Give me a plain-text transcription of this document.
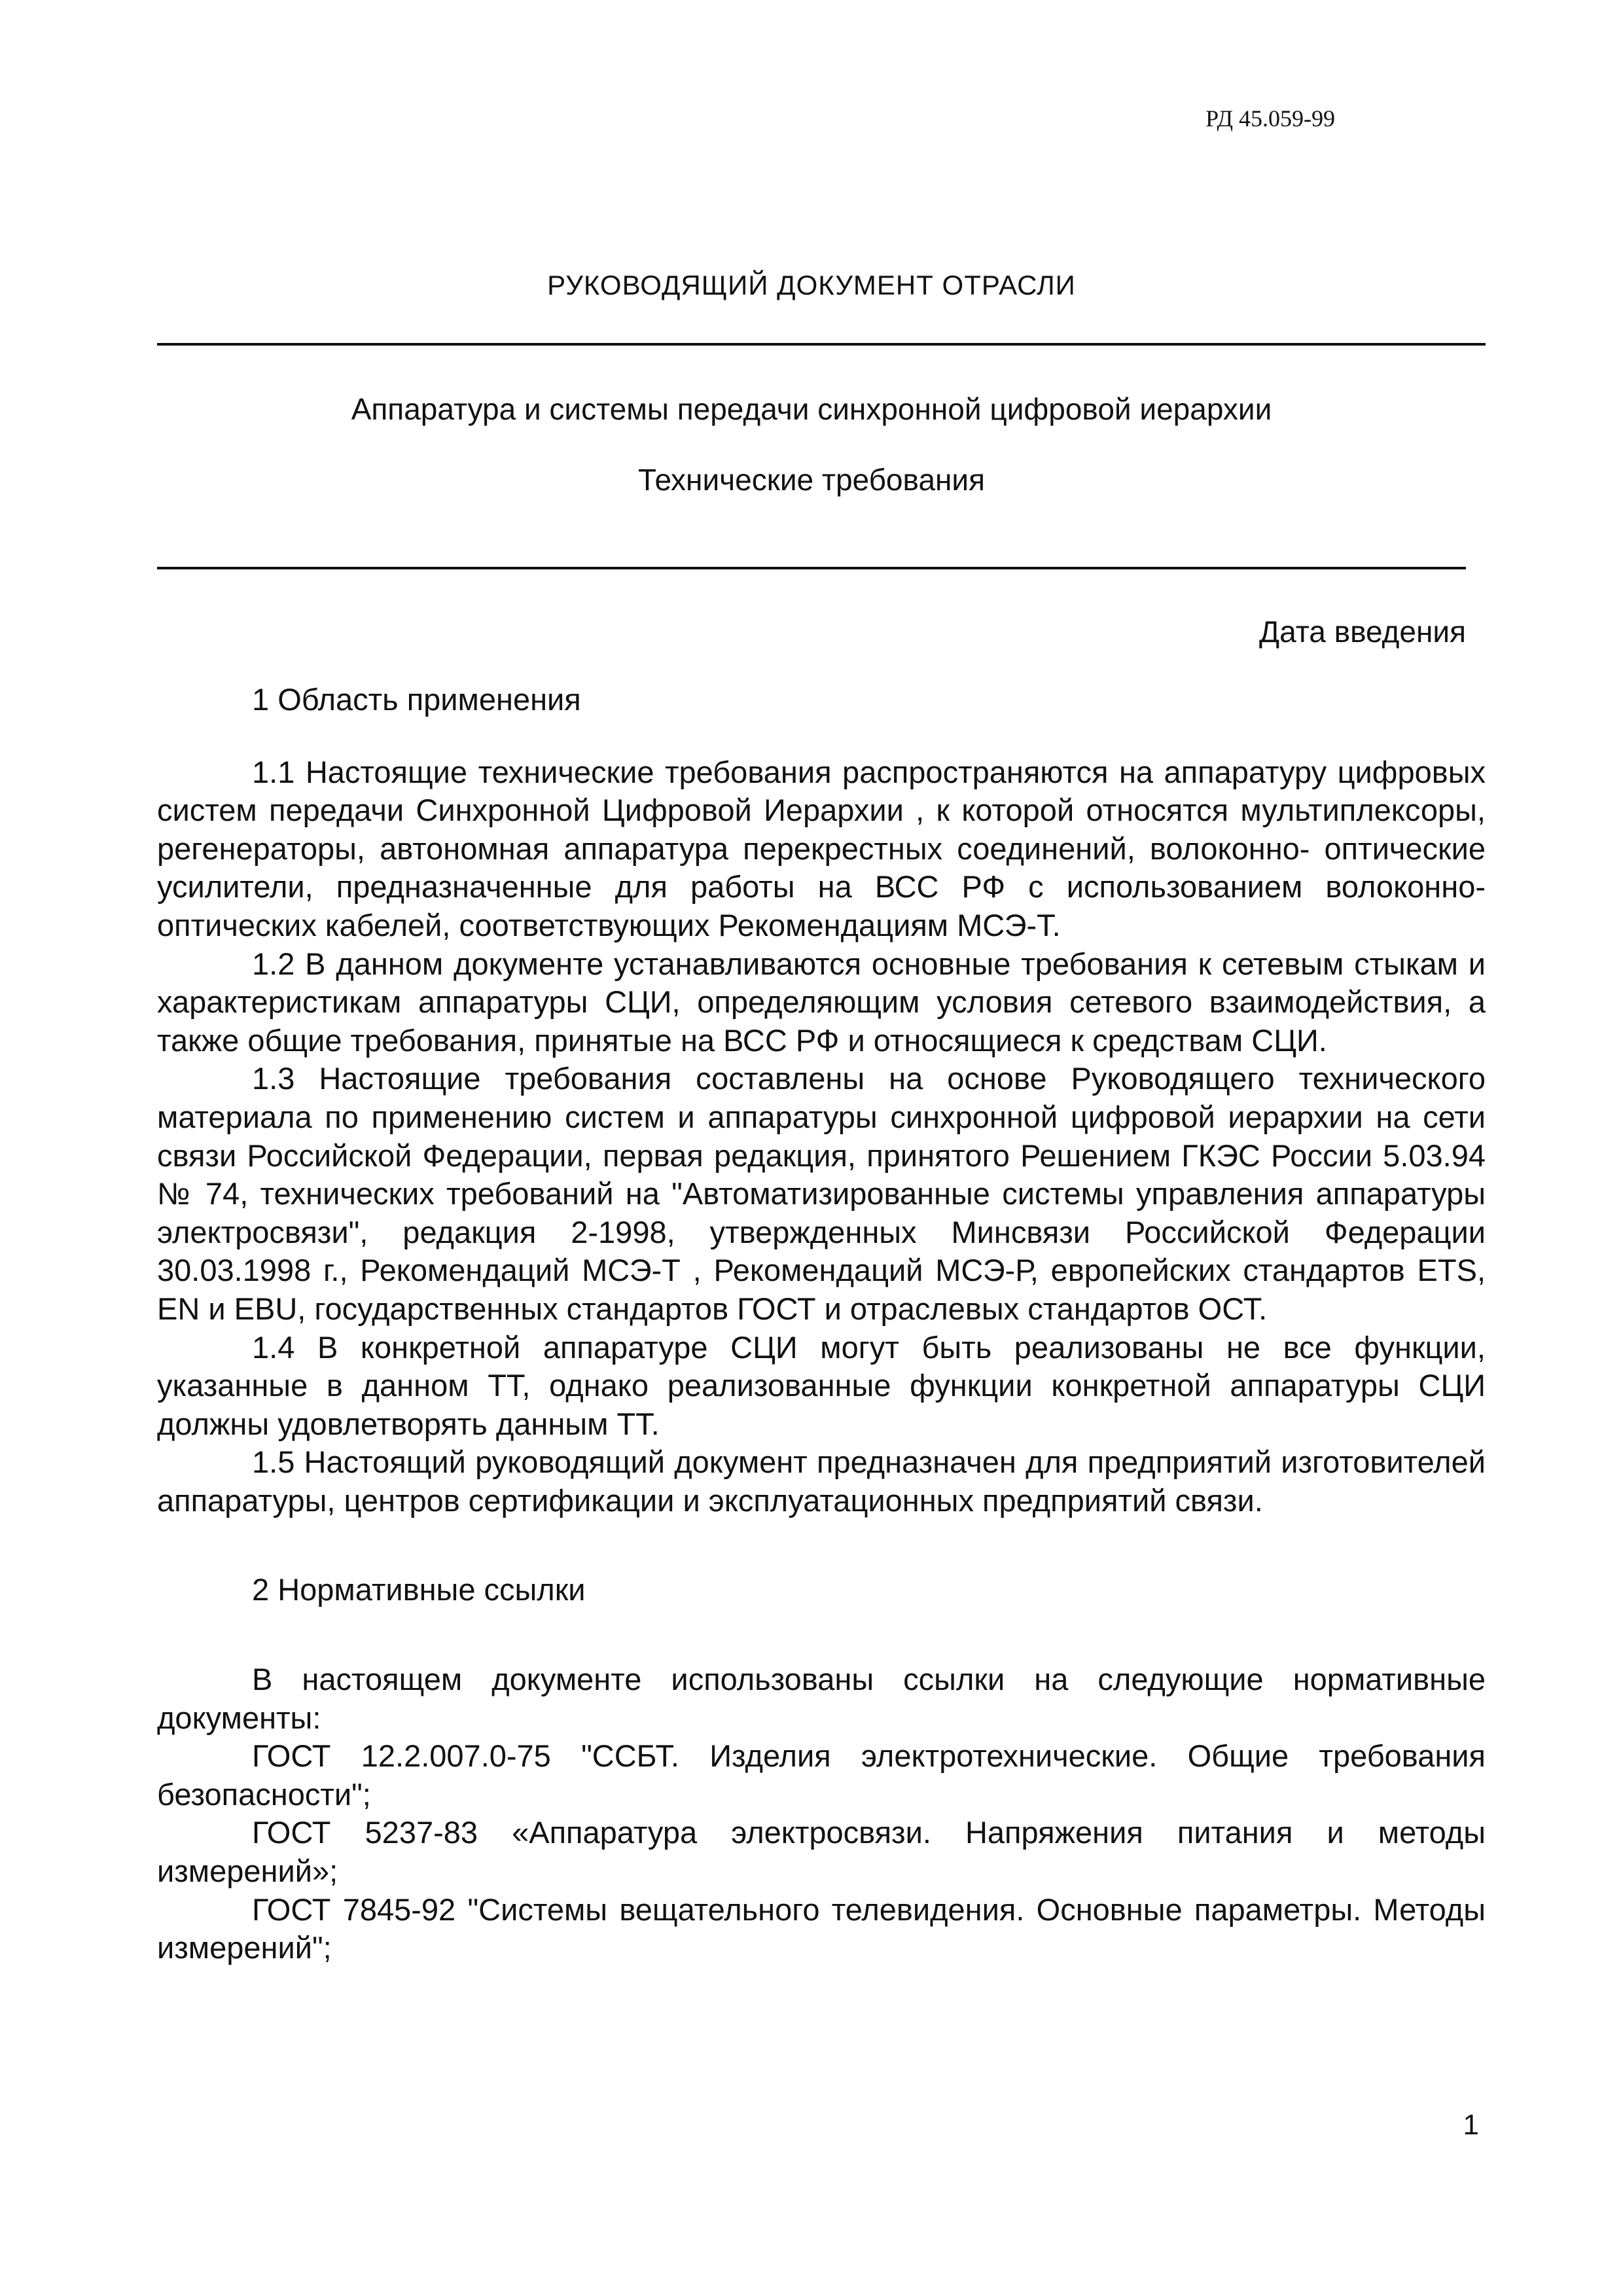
РД 45.059-99
РУКОВОДЯЩИЙ ДОКУМЕНТ ОТРАСЛИ
Аппаратура и системы передачи синхронной цифровой иерархии
Технические требования
Дата введения

1 Область применения

1.1 Настоящие технические требования распространяются на аппаратуру цифровых систем передачи Синхронной Цифровой Иерархии , к которой относятся мультиплексоры, регенераторы, автономная аппаратура перекрестных соединений, волоконно- оптические усилители, предназначенные для работы на ВСС РФ с использованием волоконно-оптических кабелей, соответствующих Рекомендациям МСЭ-Т.

1.2 В данном документе устанавливаются основные требования к сетевым стыкам и характеристикам аппаратуры СЦИ, определяющим условия сетевого взаимодействия, а также общие требования, принятые на ВСС РФ и относящиеся к средствам СЦИ.

1.3 Настоящие требования составлены на основе Руководящего технического материала по применению систем и аппаратуры синхронной цифровой иерархии на сети связи Российской Федерации, первая редакция, принятого Решением ГКЭС России 5.03.94 № 74, технических требований на "Автоматизированные системы управления аппаратуры электросвязи", редакция 2-1998, утвержденных Минсвязи Российской Федерации 30.03.1998 г., Рекомендаций МСЭ-Т , Рекомендаций МСЭ-Р, европейских стандартов ETS, EN и EBU, государственных стандартов ГОСТ и отраслевых стандартов ОСТ.

1.4 В конкретной аппаратуре СЦИ могут быть реализованы не все функции, указанные в данном ТТ, однако реализованные функции конкретной аппаратуры СЦИ должны удовлетворять данным ТТ.

1.5 Настоящий руководящий документ предназначен для предприятий изготовителей аппаратуры, центров сертификации и эксплуатационных предприятий связи.

2 Нормативные ссылки

В настоящем документе использованы ссылки на следующие нормативные документы:

ГОСТ 12.2.007.0-75 "ССБТ. Изделия электротехнические. Общие требования безопасности";

ГОСТ 5237-83 «Аппаратура электросвязи. Напряжения питания и методы измерений»;

ГОСТ 7845-92 "Системы вещательного телевидения. Основные параметры. Методы измерений";

1
